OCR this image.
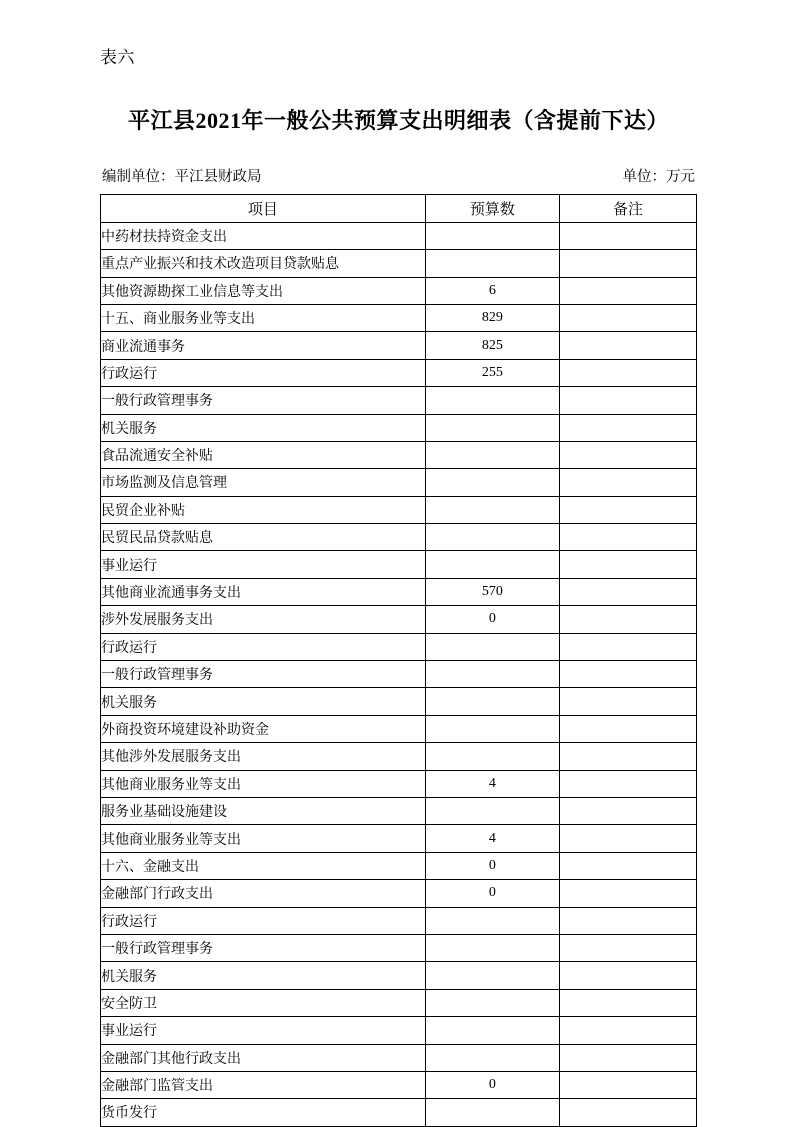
表六
平江县2021年一般公共预算支出明细表（含提前下达）
编制单位：平江县财政局	单位：万元
项目	预算数	备注
中药材扶持资金支出		
重点产业振兴和技术改造项目贷款贴息		
其他资源勘探工业信息等支出	6	
十五、商业服务业等支出	829	
商业流通事务	825	
行政运行	255	
一般行政管理事务		
机关服务		
食品流通安全补贴		
市场监测及信息管理		
民贸企业补贴		
民贸民品贷款贴息		
事业运行		
其他商业流通事务支出	570	
涉外发展服务支出	0	
行政运行		
一般行政管理事务		
机关服务		
外商投资环境建设补助资金		
其他涉外发展服务支出		
其他商业服务业等支出	4	
服务业基础设施建设		
其他商业服务业等支出	4	
十六、金融支出	0	
金融部门行政支出	0	
行政运行		
一般行政管理事务		
机关服务		
安全防卫		
事业运行		
金融部门其他行政支出		
金融部门监管支出	0	
货币发行		
